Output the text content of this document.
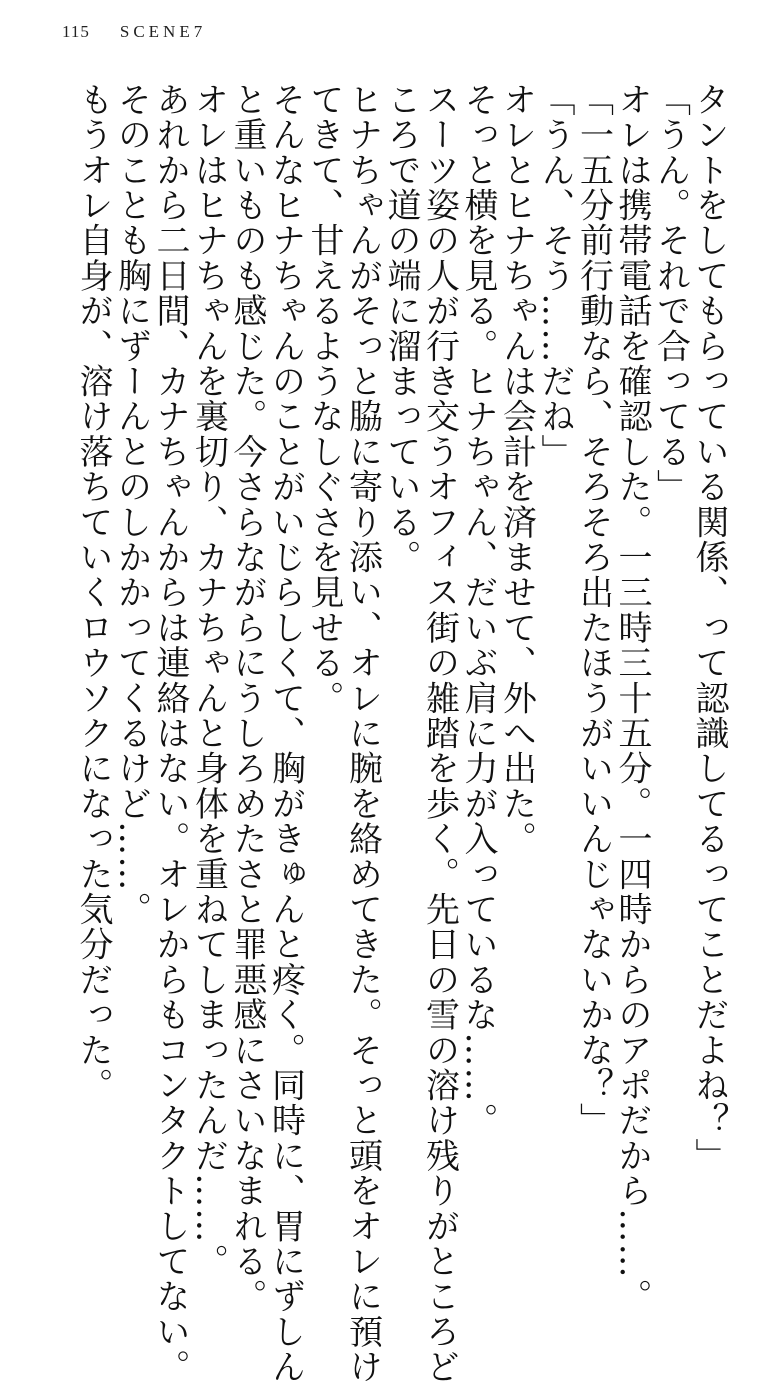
115 SCENE7
タントをしてもらっている関係、って認識してるってことだよね？」
「うん。それで合ってる」
オレは携帯電話を確認した。一三時三十五分。一四時からのアポだから……。
「一五分前行動なら、そろそろ出たほうがいいんじゃないかな？」
「うん、そう……だね」
オレとヒナちゃんは会計を済ませて、外へ出た。
そっと横を見る。ヒナちゃん、だいぶ肩に力が入っているな……。
スーツ姿の人が行き交うオフィス街の雑踏を歩く。先日の雪の溶け残りがところど
ころで道の端に溜まっている。
ヒナちゃんがそっと脇に寄り添い、オレに腕を絡めてきた。そっと頭をオレに預け
てきて、甘えるようなしぐさを見せる。
そんなヒナちゃんのことがいじらしくて、胸がきゅんと疼く。同時に、胃にずしん
と重いものも感じた。今さらながらにうしろめたさと罪悪感にさいなまれる。
オレはヒナちゃんを裏切り、カナちゃんと身体を重ねてしまったんだ……。
あれから二日間、カナちゃんからは連絡はない。オレからもコンタクトしてない。
そのことも胸にずーんとのしかかってくるけど……。
もうオレ自身が、溶け落ちていくロウソクになった気分だった。
